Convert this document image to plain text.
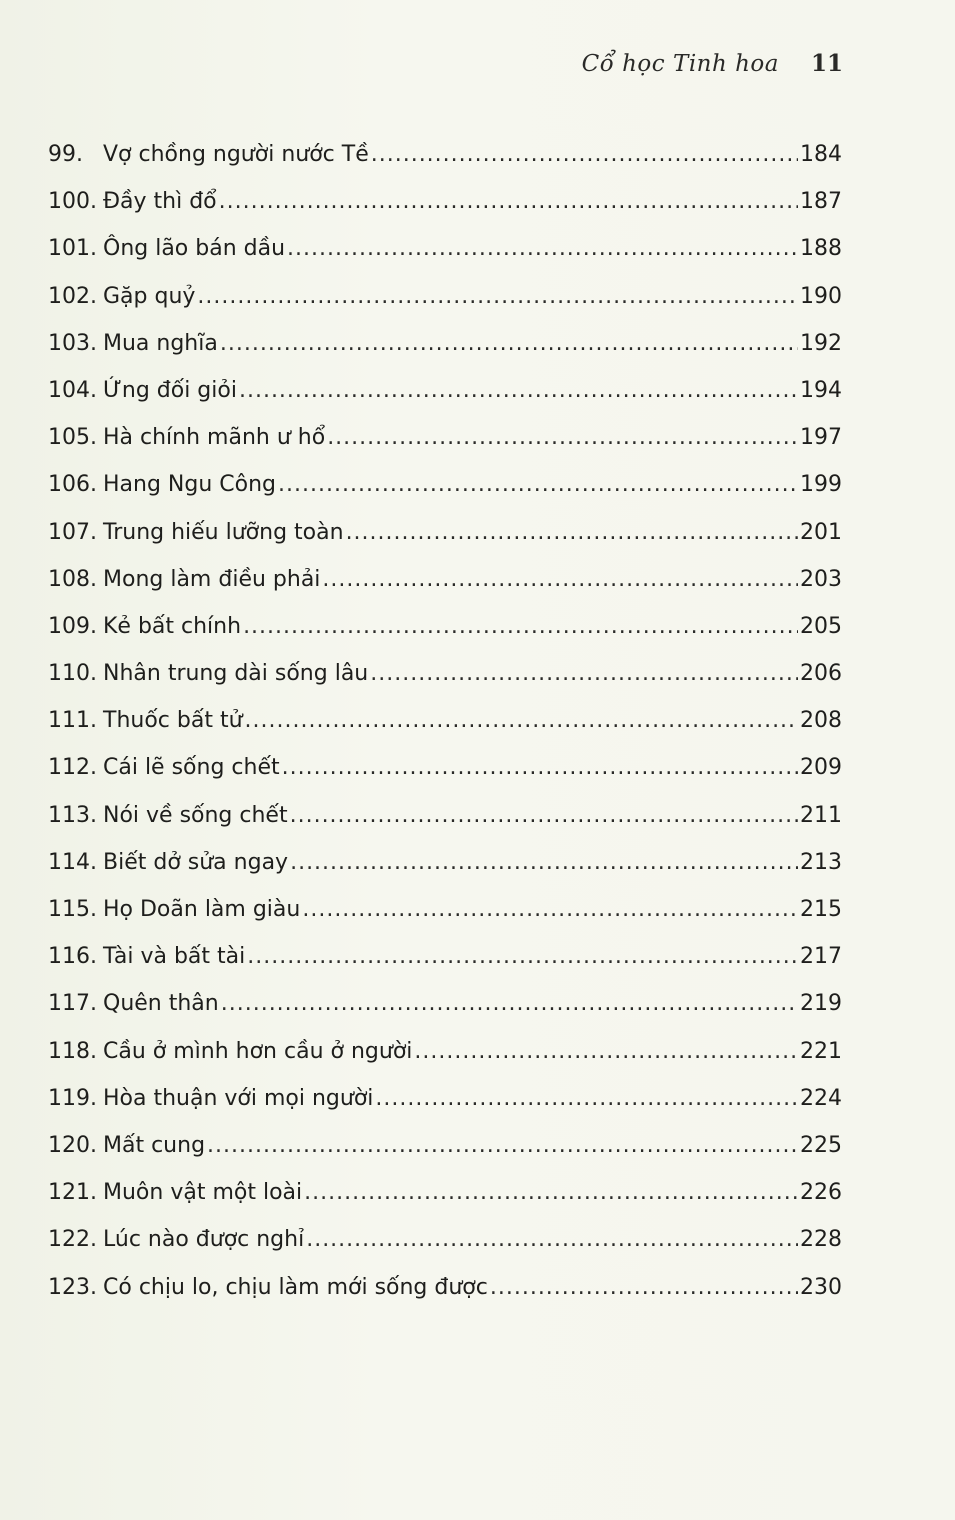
Cổ học Tinh hoa 11
99. Vợ chồng người nước Tề .....	184
100. Đầy thì đổ .....	187
101. Ông lão bán dầu .....	188
102. Gặp quỷ .....	190
103. Mua nghĩa .....	192
104. Ứng đối giỏi .....	194
105. Hà chính mãnh ư hổ .....	197
106. Hang Ngu Công .....	199
107. Trung hiếu lưỡng toàn .....	201
108. Mong làm điều phải .....	203
109. Kẻ bất chính .....	205
110. Nhân trung dài sống lâu .....	206
111. Thuốc bất tử .....	208
112. Cái lẽ sống chết .....	209
113. Nói về sống chết .....	211
114. Biết dở sửa ngay .....	213
115. Họ Doãn làm giàu .....	215
116. Tài và bất tài .....	217
117. Quên thân .....	219
118. Cầu ở mình hơn cầu ở người .....	221
119. Hòa thuận với mọi người .....	224
120. Mất cung .....	225
121. Muôn vật một loài .....	226
122. Lúc nào được nghỉ .....	228
123. Có chịu lo, chịu làm mới sống được .....	230
